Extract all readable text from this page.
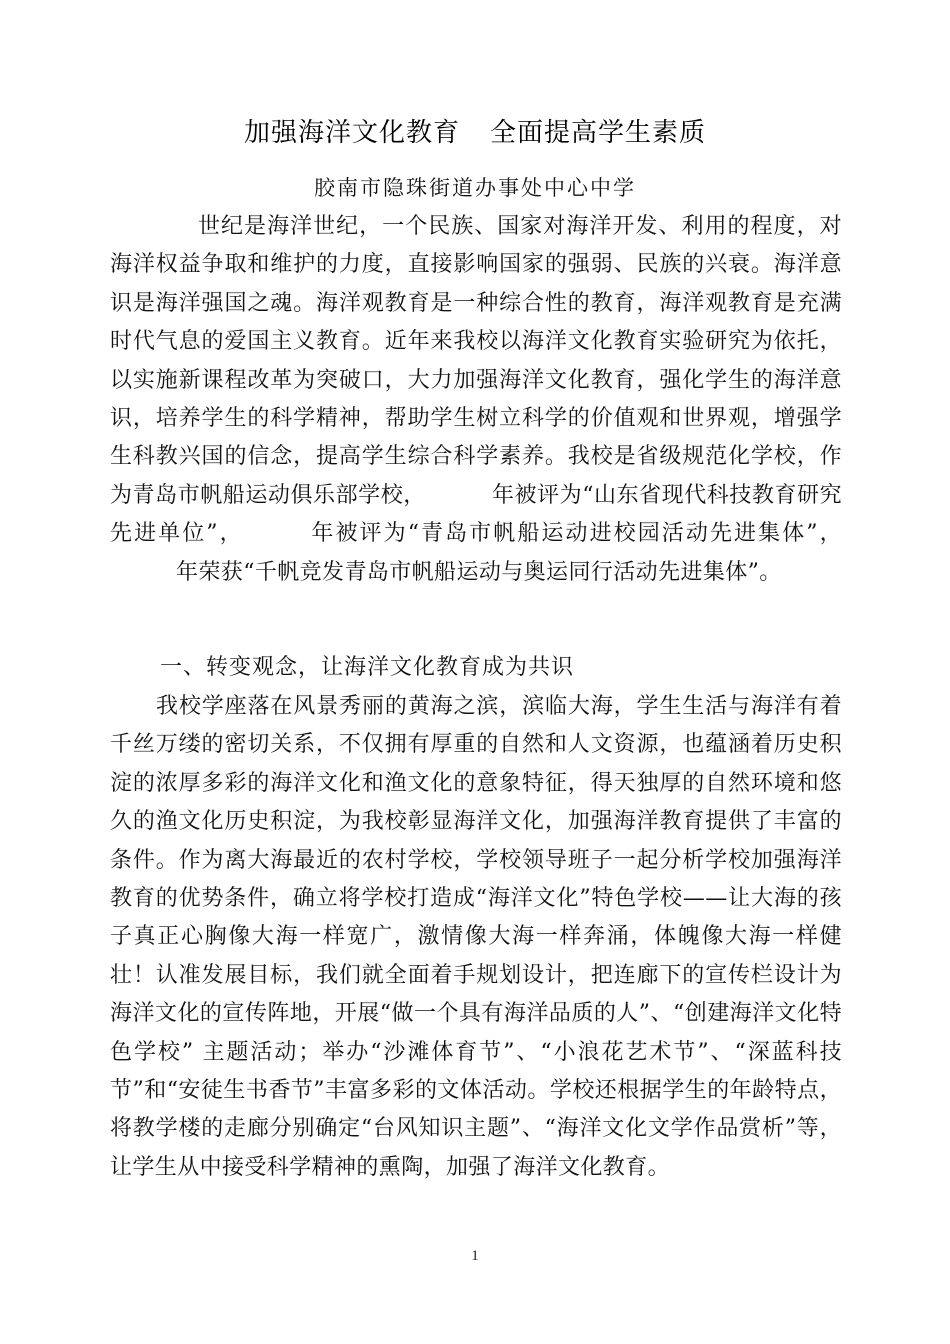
加强海洋文化教育 全面提高学生素质
胶南市隐珠街道办事处中心中学
世纪是海洋世纪，一个民族、国家对海洋开发、利用的程度，对海洋权益争取和维护的力度，直接影响国家的强弱、民族的兴衰。海洋意识是海洋强国之魂。海洋观教育是一种综合性的教育，海洋观教育是充满时代气息的爱国主义教育。近年来我校以海洋文化教育实验研究为依托，以实施新课程改革为突破口，大力加强海洋文化教育，强化学生的海洋意识，培养学生的科学精神，帮助学生树立科学的价值观和世界观，增强学生科教兴国的信念，提高学生综合科学素养。我校是省级规范化学校，作为青岛市帆船运动俱乐部学校，	年被评为“山东省现代科技教育研究先进单位”，	年被评为“青岛市帆船运动进校园活动先进集体”，年荣获“千帆竞发青岛市帆船运动与奥运同行活动先进集体”。
一、转变观念，让海洋文化教育成为共识
我校学座落在风景秀丽的黄海之滨，滨临大海，学生生活与海洋有着千丝万缕的密切关系，不仅拥有厚重的自然和人文资源，也蕴涵着历史积淀的浓厚多彩的海洋文化和渔文化的意象特征，得天独厚的自然环境和悠久的渔文化历史积淀，为我校彰显海洋文化，加强海洋教育提供了丰富的条件。作为离大海最近的农村学校，学校领导班子一起分析学校加强海洋教育的优势条件，确立将学校打造成“海洋文化”特色学校——让大海的孩子真正心胸像大海一样宽广，激情像大海一样奔涌，体魄像大海一样健壮！认准发展目标，我们就全面着手规划设计，把连廊下的宣传栏设计为海洋文化的宣传阵地，开展“做一个具有海洋品质的人”、“创建海洋文化特色学校” 主题活动；举办“沙滩体育节”、“小浪花艺术节”、“深蓝科技节”和“安徒生书香节”丰富多彩的文体活动。学校还根据学生的年龄特点，将教学楼的走廊分别确定“台风知识主题”、“海洋文化文学作品赏析”等，让学生从中接受科学精神的熏陶，加强了海洋文化教育。
1
